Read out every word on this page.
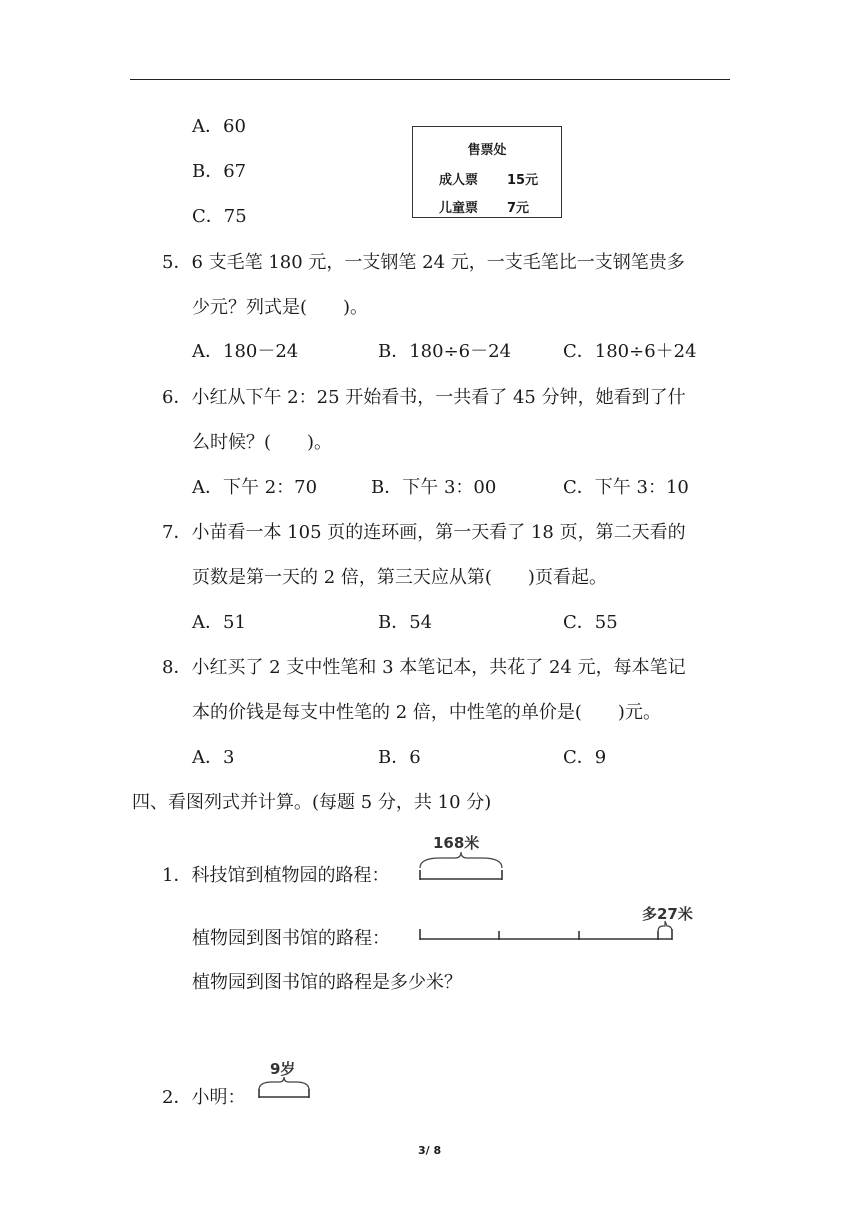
A．60
B．67
C．75
售票处
成人票 15元
儿童票 7元
5．6 支毛笔 180 元，一支钢笔 24 元，一支毛笔比一支钢笔贵多
少元？列式是(　　)。
A．180－24	B．180÷6－24	C．180÷6＋24
6．小红从下午 2：25 开始看书，一共看了 45 分钟，她看到了什
么时候？(　　)。
A．下午 2：70	B．下午 3：00	C．下午 3：10
7．小苗看一本 105 页的连环画，第一天看了 18 页，第二天看的
页数是第一天的 2 倍，第三天应从第(　　)页看起。
A．51	B．54	C．55
8．小红买了 2 支中性笔和 3 本笔记本，共花了 24 元，每本笔记
本的价钱是每支中性笔的 2 倍，中性笔的单价是(　　)元。
A．3	B．6	C．9
四、看图列式并计算。(每题 5 分，共 10 分)
1．科技馆到植物园的路程：
168米
多27米
植物园到图书馆的路程：
植物园到图书馆的路程是多少米？
2．小明：
9岁
3/ 8
